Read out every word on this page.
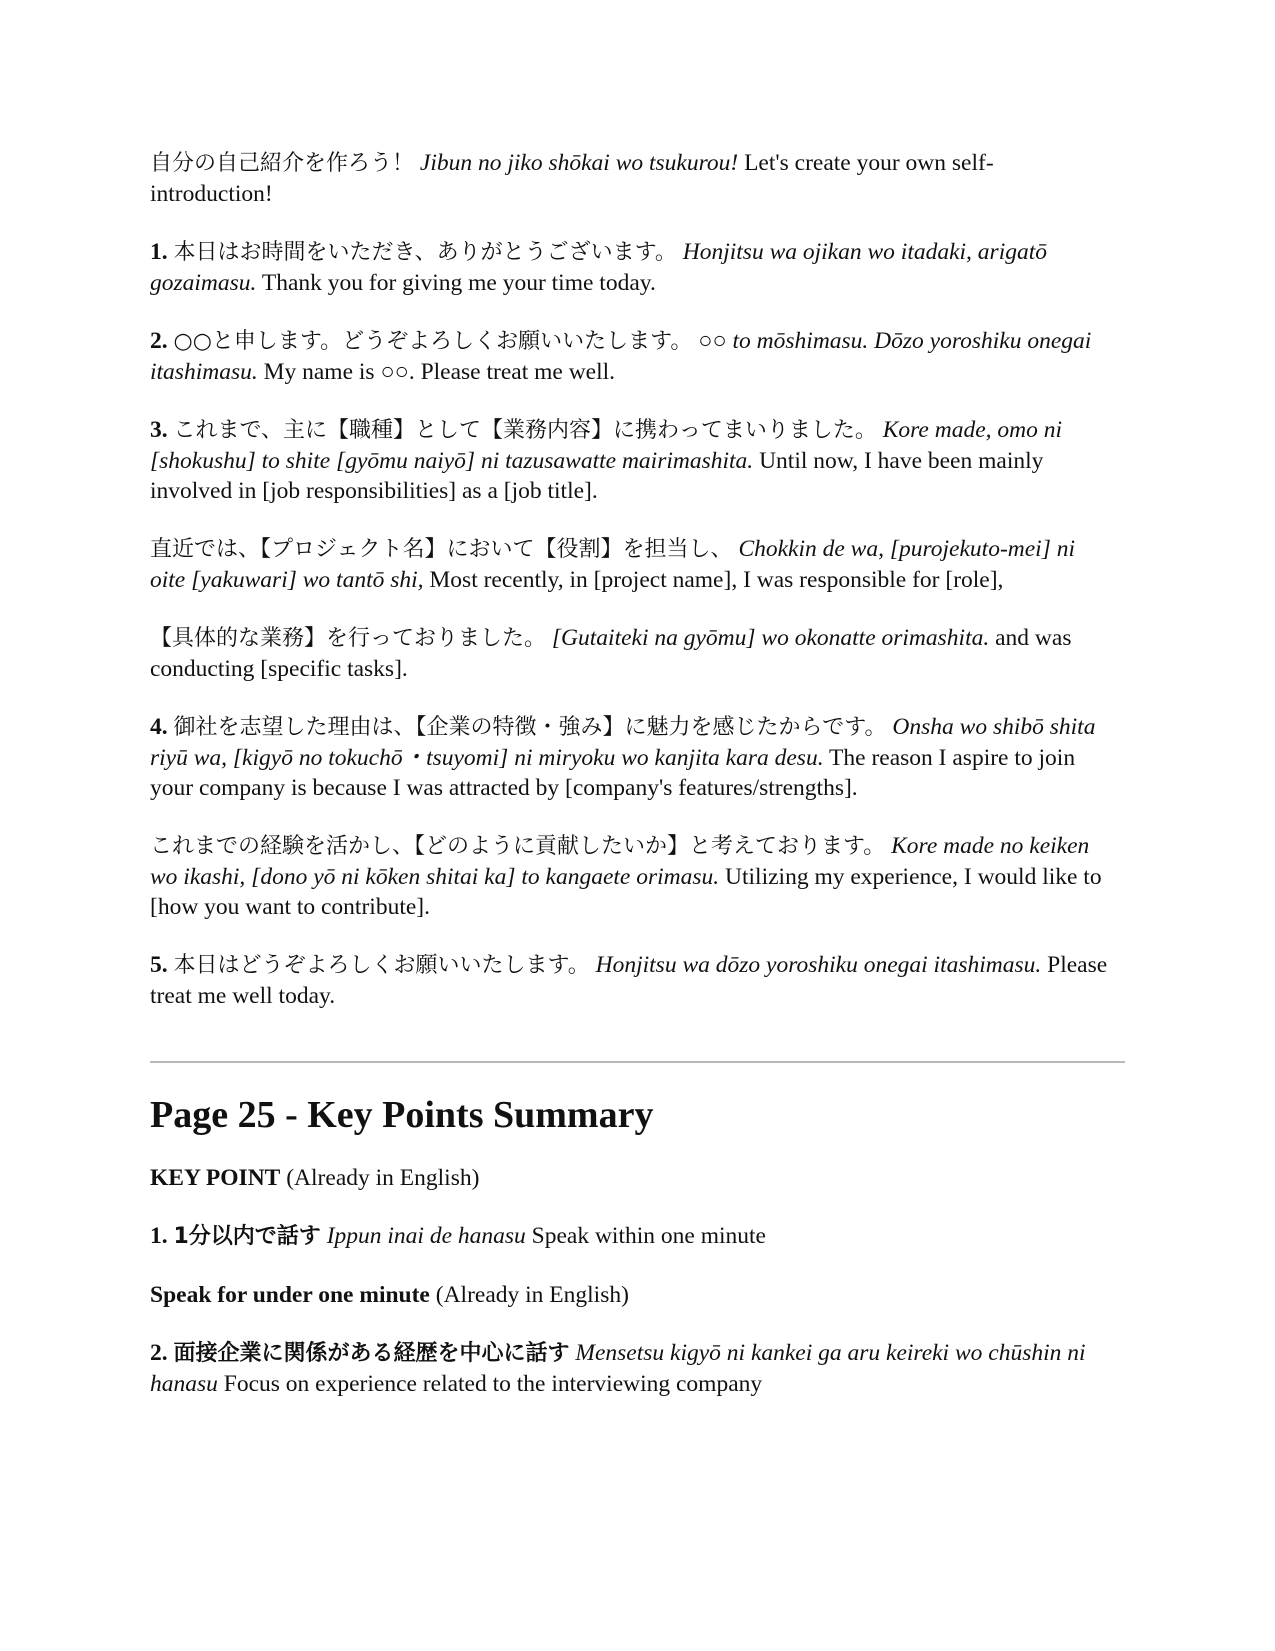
自分の自己紹介を作ろう！ Jibun no jiko shōkai wo tsukurou! Let's create your own self-introduction!

1. 本日はお時間をいただき、ありがとうございます。 Honjitsu wa ojikan wo itadaki, arigatō gozaimasu. Thank you for giving me your time today.

2. ○○と申します。どうぞよろしくお願いいたします。 ○○ to mōshimasu. Dōzo yoroshiku onegai itashimasu. My name is ○○. Please treat me well.

3. これまで、主に【職種】として【業務内容】に携わってまいりました。 Kore made, omo ni [shokushu] to shite [gyōmu naiyō] ni tazusawatte mairimashita. Until now, I have been mainly involved in [job responsibilities] as a [job title].

直近では、【プロジェクト名】において【役割】を担当し、 Chokkin de wa, [purojekuto-mei] ni oite [yakuwari] wo tantō shi, Most recently, in [project name], I was responsible for [role],

【具体的な業務】を行っておりました。 [Gutaiteki na gyōmu] wo okonatte orimashita. and was conducting [specific tasks].

4. 御社を志望した理由は、【企業の特徴・強み】に魅力を感じたからです。 Onsha wo shibō shita riyū wa, [kigyō no tokuchō・tsuyomi] ni miryoku wo kanjita kara desu. The reason I aspire to join your company is because I was attracted by [company's features/strengths].

これまでの経験を活かし、【どのように貢献したいか】と考えております。 Kore made no keiken wo ikashi, [dono yō ni kōken shitai ka] to kangaete orimasu. Utilizing my experience, I would like to [how you want to contribute].

5. 本日はどうぞよろしくお願いいたします。 Honjitsu wa dōzo yoroshiku onegai itashimasu. Please treat me well today.

Page 25 - Key Points Summary

KEY POINT (Already in English)

1. 1分以内で話す Ippun inai de hanasu Speak within one minute

Speak for under one minute (Already in English)

2. 面接企業に関係がある経歴を中心に話す Mensetsu kigyō ni kankei ga aru keireki wo chūshin ni hanasu Focus on experience related to the interviewing company
